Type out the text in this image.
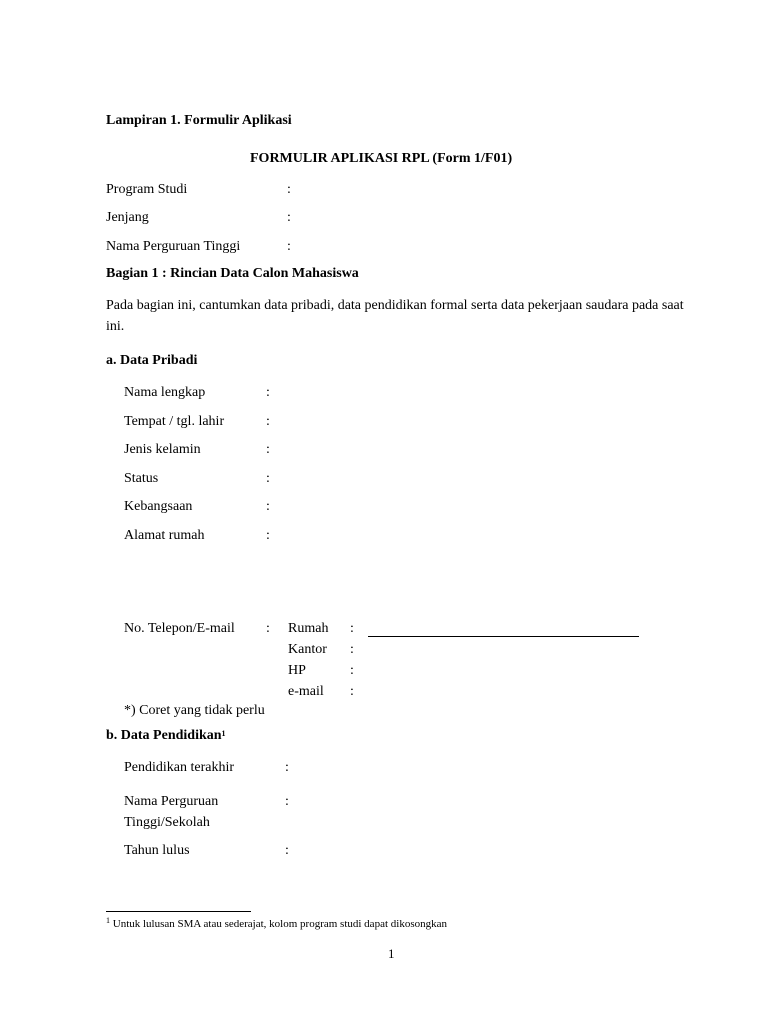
Lampiran 1. Formulir Aplikasi
FORMULIR APLIKASI RPL (Form 1/F01)
Program Studi	:
Jenjang	:
Nama Perguruan Tinggi	:
Bagian 1 : Rincian Data Calon Mahasiswa
Pada bagian ini, cantumkan data pribadi, data pendidikan formal serta data pekerjaan saudara pada saat ini.
a. Data Pribadi
Nama lengkap	:
Tempat / tgl. lahir	:
Jenis kelamin	:
Status	:
Kebangsaan	:
Alamat rumah	:
No. Telepon/E-mail : Rumah :
Kantor :
HP	:
e-mail :
*) Coret yang tidak perlu
b. Data Pendidikan$^1$
Pendidikan terakhir	:
Nama Perguruan
Tinggi/Sekolah
:
Tahun lulus	:
$^1$ Untuk lulusan SMA atau sederajat, kolom program studi dapat dikosongkan
1
